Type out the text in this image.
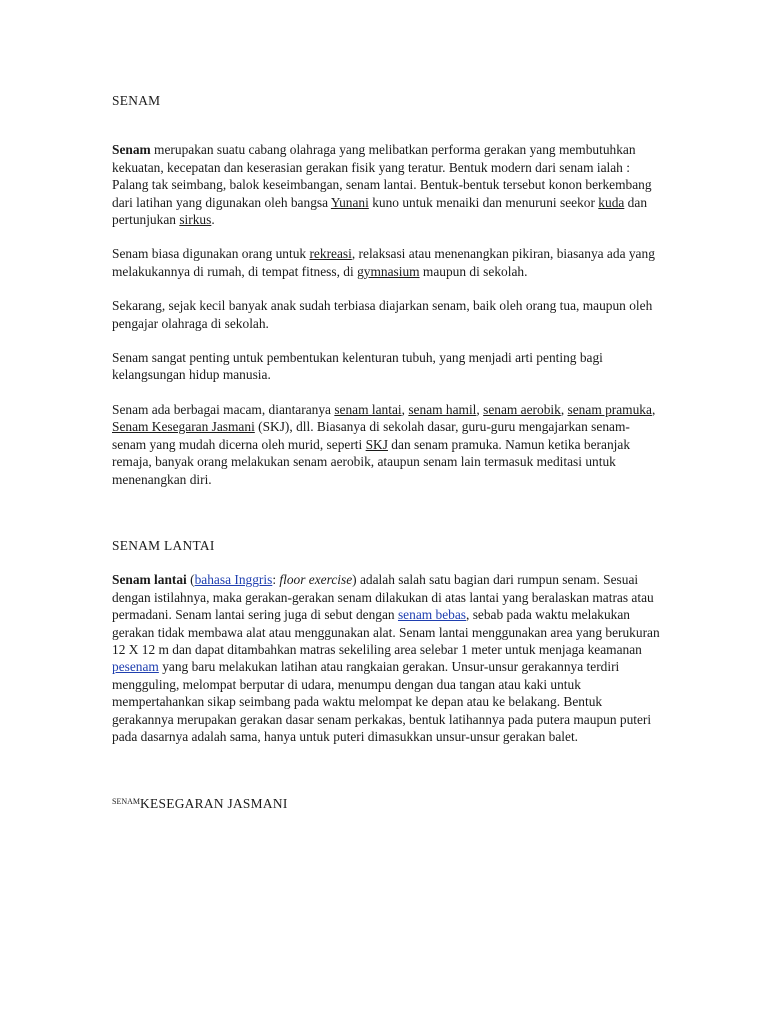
SENAM

Senam merupakan suatu cabang olahraga yang melibatkan performa gerakan yang membutuhkan kekuatan, kecepatan dan keserasian gerakan fisik yang teratur. Bentuk modern dari senam ialah : Palang tak seimbang, balok keseimbangan, senam lantai. Bentuk-bentuk tersebut konon berkembang dari latihan yang digunakan oleh bangsa Yunani kuno untuk menaiki dan menuruni seekor kuda dan pertunjukan sirkus.

Senam biasa digunakan orang untuk rekreasi, relaksasi atau menenangkan pikiran, biasanya ada yang melakukannya di rumah, di tempat fitness, di gymnasium maupun di sekolah.

Sekarang, sejak kecil banyak anak sudah terbiasa diajarkan senam, baik oleh orang tua, maupun oleh pengajar olahraga di sekolah.

Senam sangat penting untuk pembentukan kelenturan tubuh, yang menjadi arti penting bagi kelangsungan hidup manusia.

Senam ada berbagai macam, diantaranya senam lantai, senam hamil, senam aerobik, senam pramuka, Senam Kesegaran Jasmani (SKJ), dll. Biasanya di sekolah dasar, guru-guru mengajarkan senam-senam yang mudah dicerna oleh murid, seperti SKJ dan senam pramuka. Namun ketika beranjak remaja, banyak orang melakukan senam aerobik, ataupun senam lain termasuk meditasi untuk menenangkan diri.

SENAM LANTAI

Senam lantai (bahasa Inggris: floor exercise) adalah salah satu bagian dari rumpun senam. Sesuai dengan istilahnya, maka gerakan-gerakan senam dilakukan di atas lantai yang beralaskan matras atau permadani. Senam lantai sering juga di sebut dengan senam bebas, sebab pada waktu melakukan gerakan tidak membawa alat atau menggunakan alat. Senam lantai menggunakan area yang berukuran 12 X 12 m dan dapat ditambahkan matras sekeliling area selebar 1 meter untuk menjaga keamanan pesenam yang baru melakukan latihan atau rangkaian gerakan. Unsur-unsur gerakannya terdiri mengguling, melompat berputar di udara, menumpu dengan dua tangan atau kaki untuk mempertahankan sikap seimbang pada waktu melompat ke depan atau ke belakang. Bentuk gerakannya merupakan gerakan dasar senam perkakas, bentuk latihannya pada putera maupun puteri pada dasarnya adalah sama, hanya untuk puteri dimasukkan unsur-unsur gerakan balet.

$^{SENAM}$KESEGARAN JASMANI
